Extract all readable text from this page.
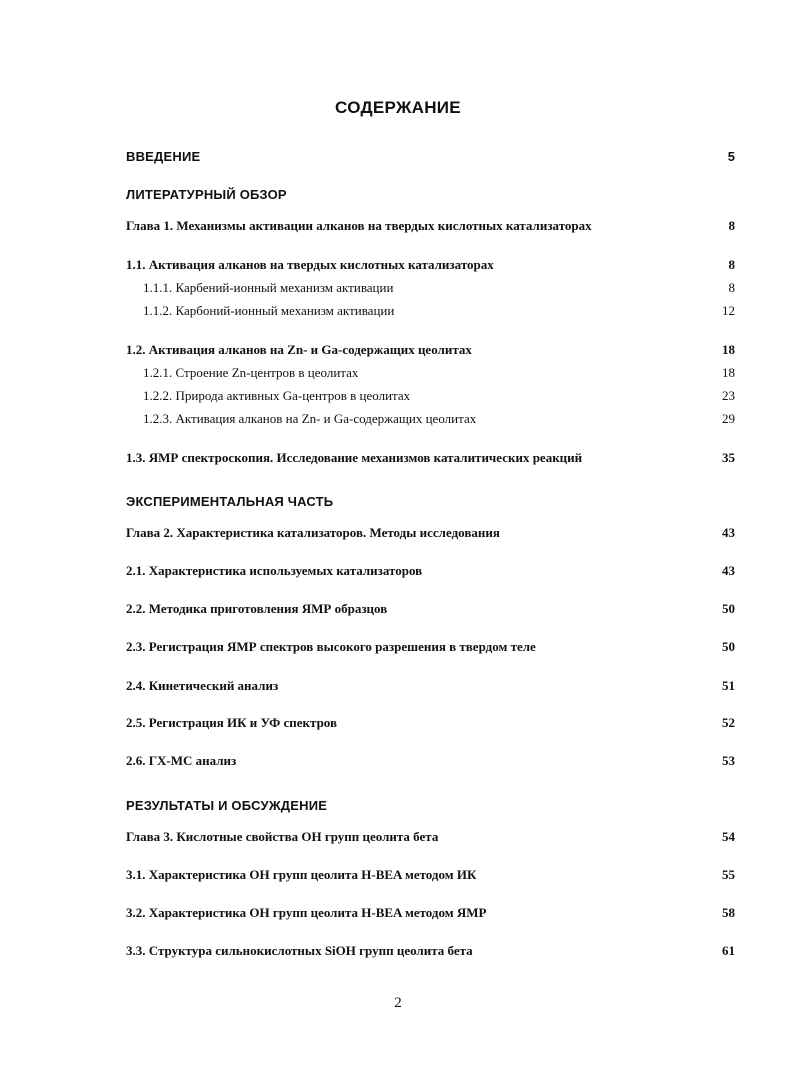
СОДЕРЖАНИЕ
ВВЕДЕНИЕ	5
ЛИТЕРАТУРНЫЙ ОБЗОР
Глава 1. Механизмы активации алканов на твердых кислотных катализаторах	8
1.1. Активация алканов на твердых кислотных катализаторах	8
1.1.1. Карбений-ионный механизм активации	8
1.1.2. Карбоний-ионный механизм активации	12
1.2. Активация алканов на Zn- и Ga-содержащих цеолитах	18
1.2.1. Строение Zn-центров в цеолитах	18
1.2.2. Природа активных Ga-центров в цеолитах	23
1.2.3. Активация алканов на Zn- и Ga-содержащих цеолитах	29
1.3. ЯМР спектроскопия. Исследование механизмов каталитических реакций	35
ЭКСПЕРИМЕНТАЛЬНАЯ ЧАСТЬ
Глава 2. Характеристика катализаторов. Методы исследования	43
2.1. Характеристика используемых катализаторов	43
2.2. Методика приготовления ЯМР образцов	50
2.3. Регистрация ЯМР спектров высокого разрешения в твердом теле	50
2.4. Кинетический анализ	51
2.5. Регистрация ИК и УФ спектров	52
2.6. ГХ-МС анализ	53
РЕЗУЛЬТАТЫ И ОБСУЖДЕНИЕ
Глава 3. Кислотные свойства ОН групп цеолита бета	54
3.1. Характеристика ОН групп цеолита H-BEA методом ИК	55
3.2. Характеристика ОН групп цеолита H-BEA методом ЯМР	58
3.3. Структура сильнокислотных SiOH групп цеолита бета	61
2
